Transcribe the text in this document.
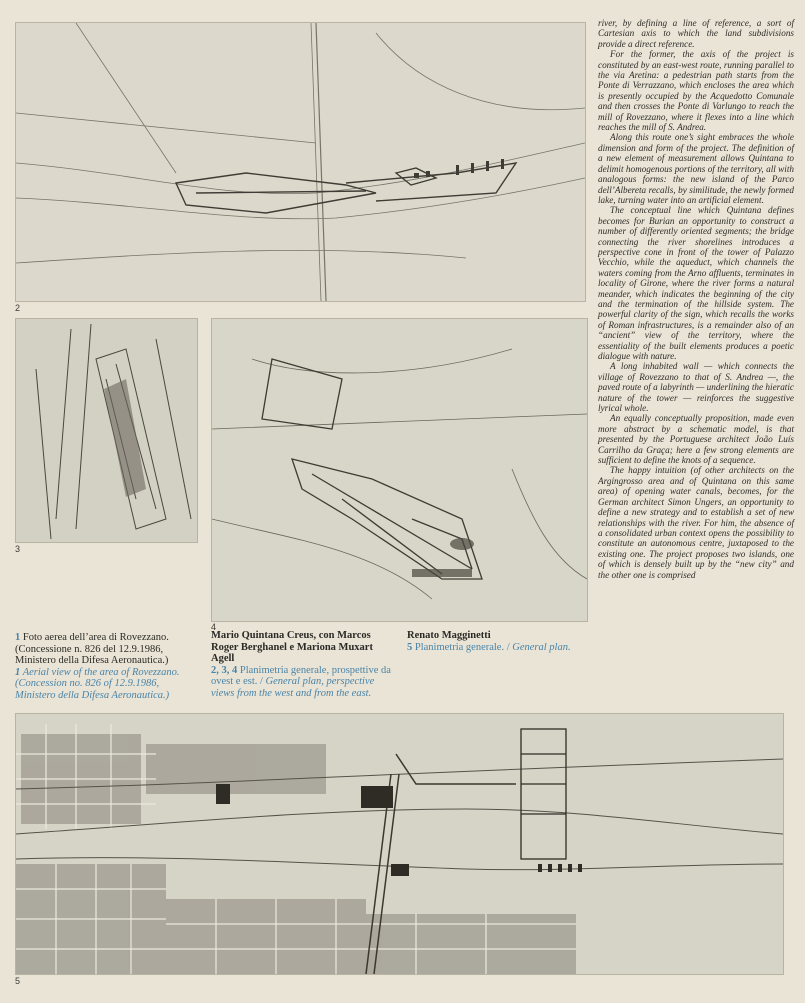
2
3
4
1 Foto aerea dell’area di Rovezzano. (Concessione n. 826 del 12.9.1986, Ministero della Difesa Aeronautica.)
1 Aerial view of the area of Rovezzano. (Concession no. 826 of 12.9.1986, Ministero della Difesa Aeronautica.)
Mario Quintana Creus, con Marcos Roger Berghanel e Mariona Muxart Agell
2, 3, 4 Planimetria generale, prospettive da ovest e est. / General plan, perspective views from the west and from the east.
Renato Magginetti
5 Planimetria generale. / General plan.

river, by defining a line of reference, a sort of Cartesian axis to which the land subdivisions provide a direct reference.

For the former, the axis of the project is constituted by an east-west route, running parallel to the via Aretina: a pedestrian path starts from the Ponte di Verrazzano, which encloses the area which is presently occupied by the Acquedotto Comunale and then crosses the Ponte di Varlungo to reach the mill of Rovezzano, where it flexes into a line which reaches the mill of S. Andrea.

Along this route one’s sight embraces the whole dimension and form of the project. The definition of a new element of measurement allows Quintana to delimit homogenous portions of the territory, all with analogous forms: the new island of the Parco dell’Albereta recalls, by similitude, the newly formed lake, turning water into an artificial element.

The conceptual line which Quintana defines becomes for Burian an opportunity to construct a number of differently oriented segments; the bridge connecting the river shorelines introduces a perspective cone in front of the tower of Palazzo Vecchio, while the aqueduct, which channels the waters coming from the Arno affluents, terminates in locality of Girone, where the river forms a natural meander, which indicates the beginning of the city and the termination of the hillside system. The powerful clarity of the sign, which recalls the works of Roman infrastructures, is a remainder also of an “ancient” view of the territory, where the essentiality of the built elements produces a poetic dialogue with nature.

A long inhabited wall — which connects the village of Rovezzano to that of S. Andrea —, the paved route of a labyrinth — underlining the hieratic nature of the tower — reinforces the suggestive lyrical whole.

An equally conceptually proposition, made even more abstract by a schematic model, is that presented by the Portuguese architect João Luís Carrilho da Graça; here a few strong elements are sufficient to define the knots of a sequence.

The happy intuition (of other architects on the Argingrosso area and of Quintana on this same area) of opening water canals, becomes, for the German architect Simon Ungers, an opportunity to define a new strategy and to establish a set of new relationships with the river. For him, the absence of a consolidated urban context opens the possibility to constitute an autonomous centre, juxtaposed to the existing one. The project proposes two islands, one of which is densely built up by the “new city” and the other one is comprised

5
